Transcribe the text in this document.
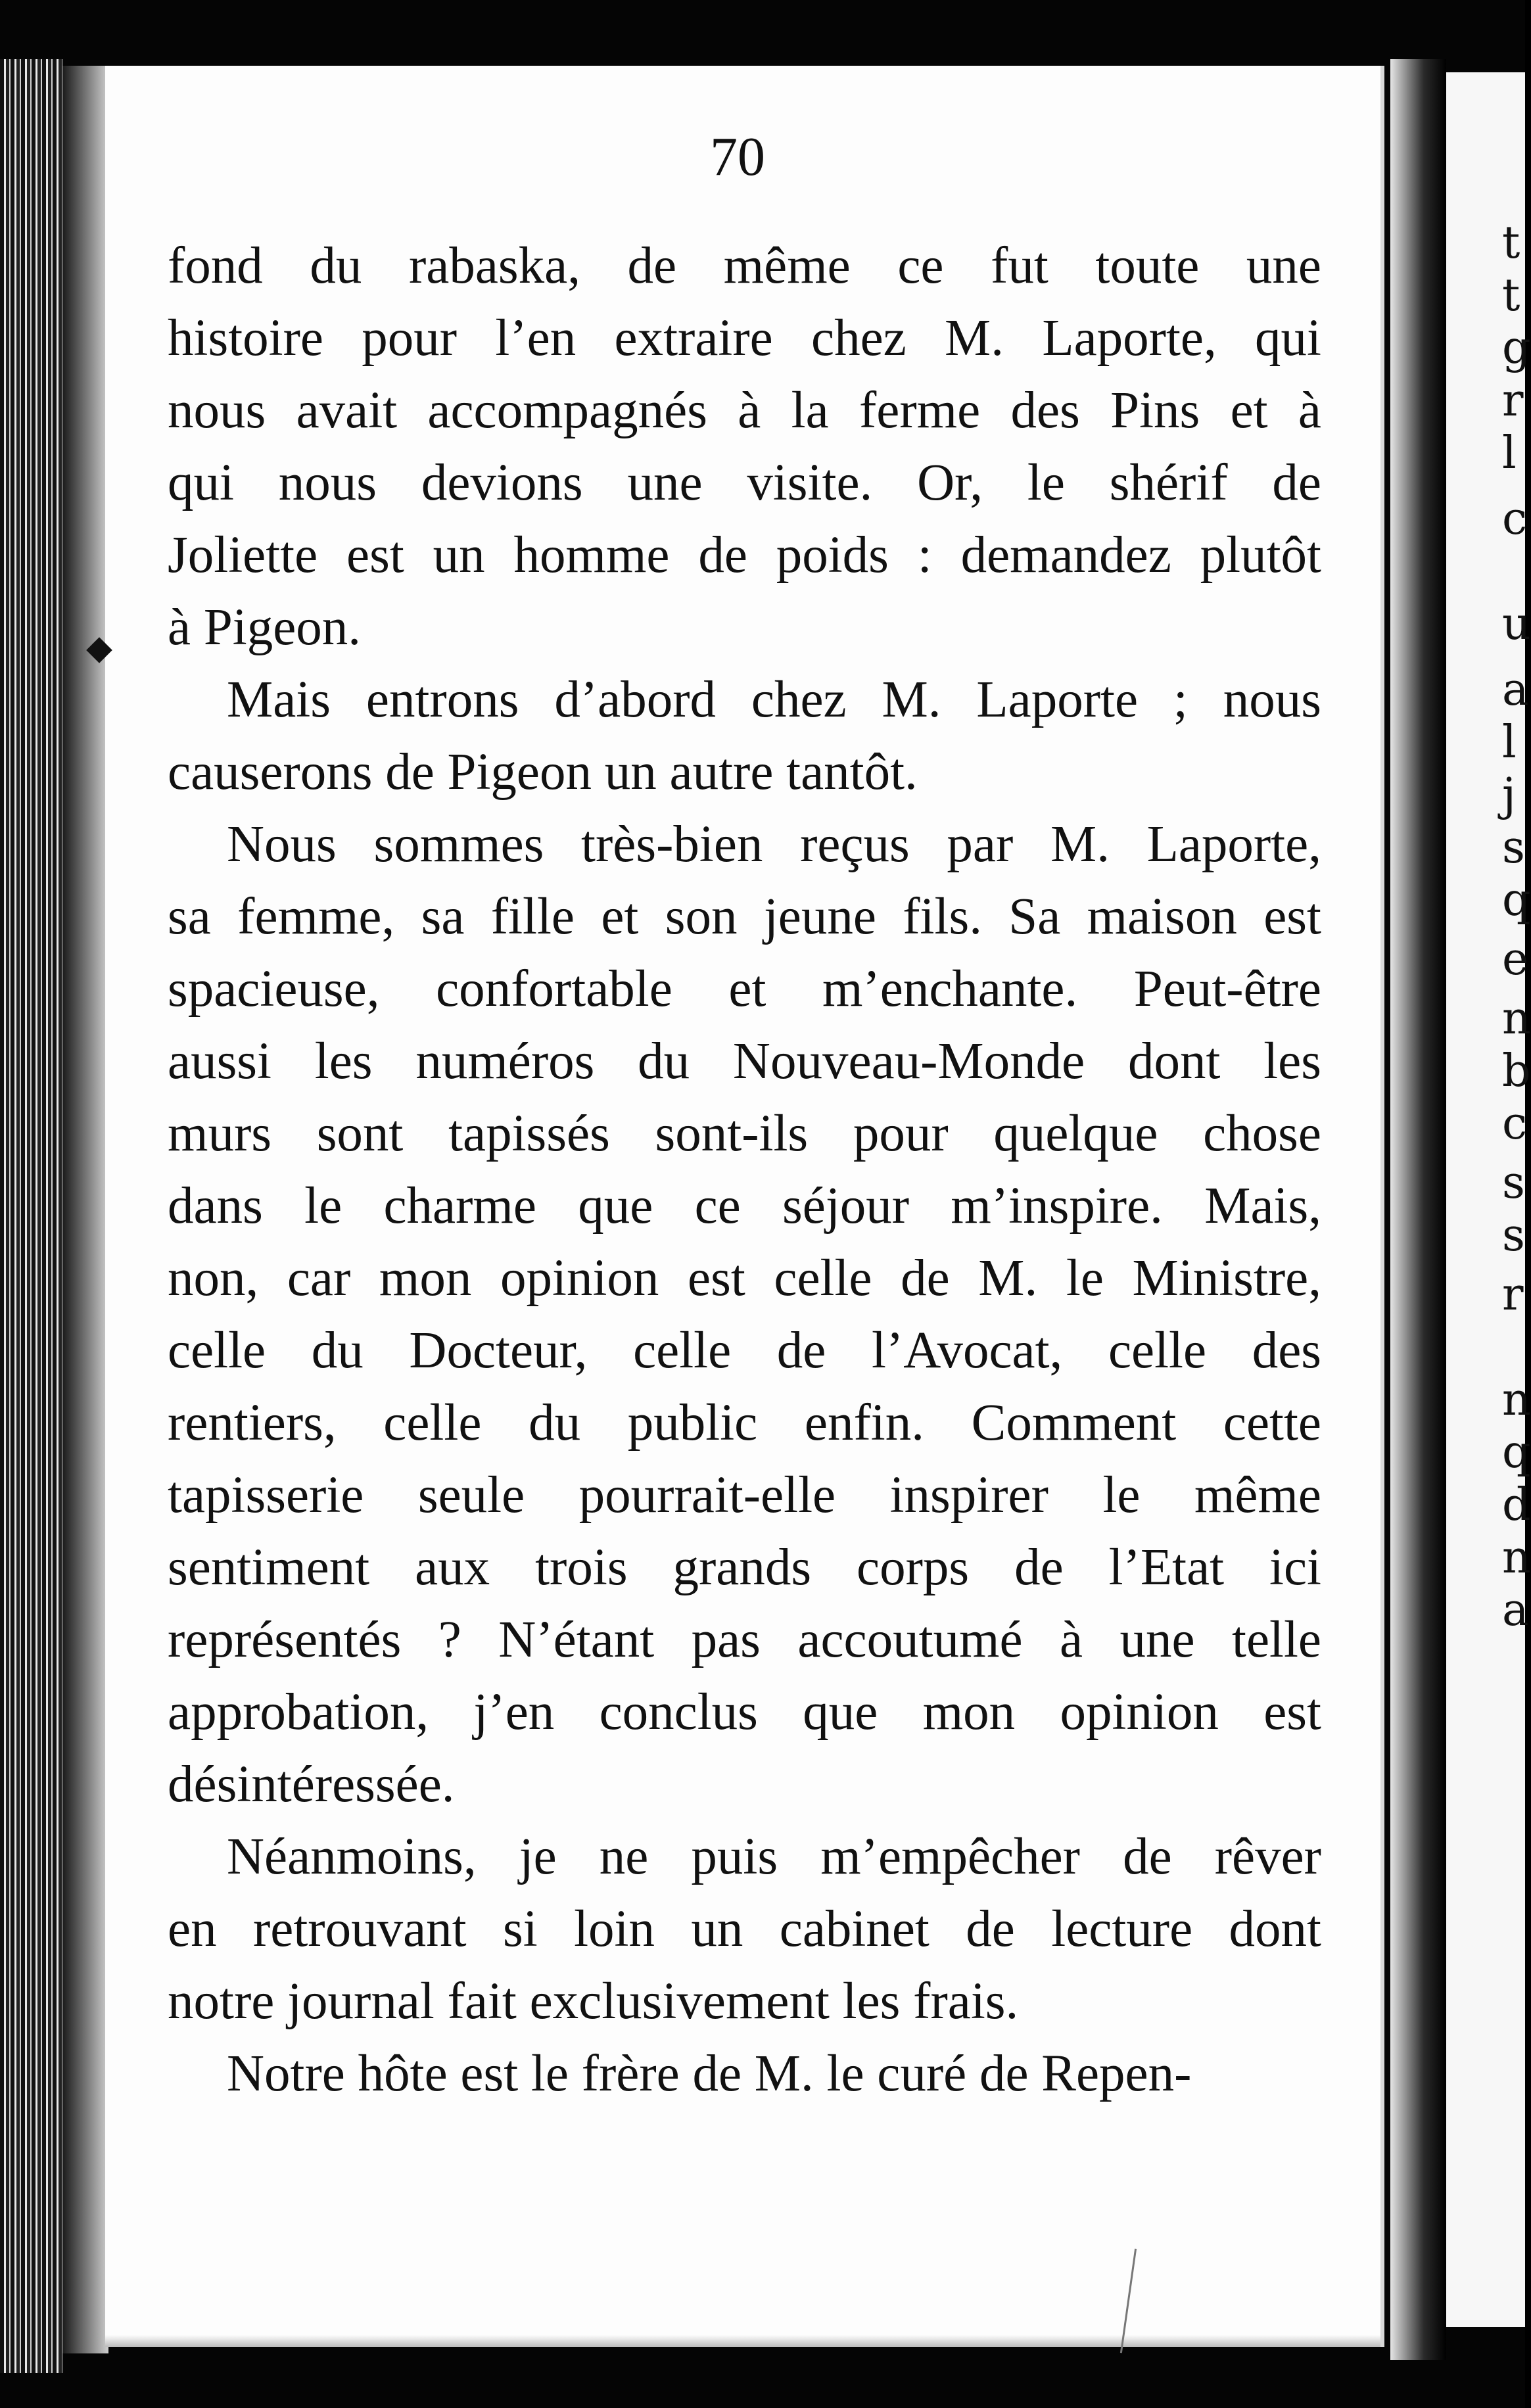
t
t
g
r
l
c
u
a
l
j
s
q
e
n
b
c
s
s
r
n
q
d
n
a
70

fond du rabaska, de même ce fut toute une
histoire pour l’en extraire chez M. Laporte, qui
nous avait accompagnés à la ferme des Pins et à
qui nous devions une visite. Or, le shérif de
Joliette est un homme de poids : demandez plutôt
à Pigeon.

Mais entrons d’abord chez M. Laporte ; nous
causerons de Pigeon un autre tantôt.

Nous sommes très-bien reçus par M. Laporte,
sa femme, sa fille et son jeune fils. Sa maison est
spacieuse, confortable et m’enchante. Peut-être
aussi les numéros du Nouveau-Monde dont les
murs sont tapissés sont-ils pour quelque chose
dans le charme que ce séjour m’inspire. Mais,
non, car mon opinion est celle de M. le Ministre,
celle du Docteur, celle de l’Avocat, celle des
rentiers, celle du public enfin. Comment cette
tapisserie seule pourrait-elle inspirer le même
sentiment aux trois grands corps de l’Etat ici
représentés ? N’étant pas accoutumé à une telle
approbation, j’en conclus que mon opinion est
désintéressée.

Néanmoins, je ne puis m’empêcher de rêver
en retrouvant si loin un cabinet de lecture dont
notre journal fait exclusivement les frais.

Notre hôte est le frère de M. le curé de Repen-
